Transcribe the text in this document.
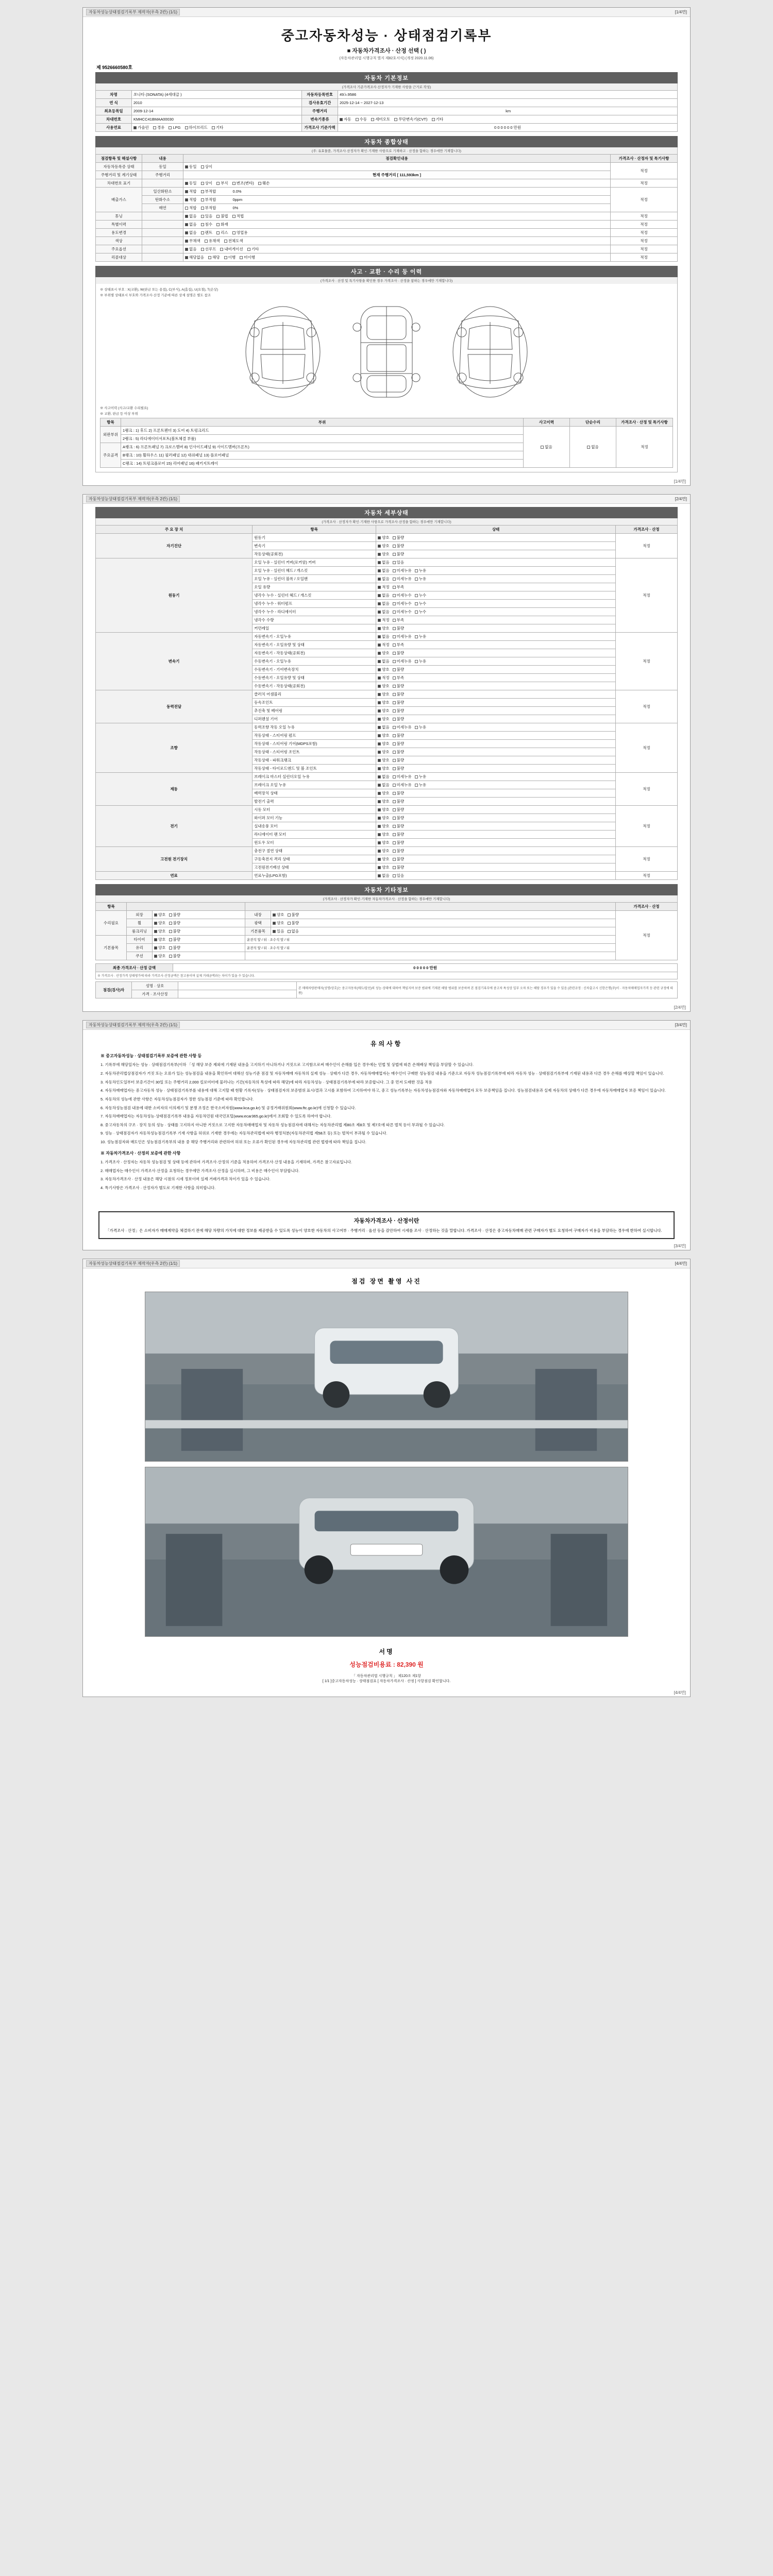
자동차성능상태점검기록부 제작자(우측 2칸) (1/1)	[1/4면]
중고자동차성능 · 상태점검기록부
■ 자동차가격조사 · 산정 선택 ( )
(자동차관리법 시행규칙 별지 제82호서식) (개정 2020.11.06)
제 9526660580호
자동차 기본정보
(가격조사 기준가격조사·산정자가 기재한 사항을 근거로 작성)
차명	쏘나타 (SONATA) (4세대급 )	자동차등록번호	49노9586
연 식	2010	검사유효기간	2025-12-14 ~ 2027-12-13
최초등록일	2009-12-14	주행거리	km
차대번호	KMHCC41BMAA00030	변속기종류	자동 수동 세미오토 무단변속기(CVT) 기타
사용연료	가솔린 경유 LPG 하이브리드 기타	가격조사 기준가액	0 0 0 0 0 0 만원
자동차 종합상태
(주: 유효물품, 가격조사·산정자가 확인·기재한 사항으로 기재하고 · 산정을 함하는 경우에만 기재합니다)
점검항목 및 해설사항	내용	점검확인내용	가격조사 · 산정자 및 특기사항
자동차등록증 상태	동일	동일 상이	적정
주행거리 및 계기상태	주행거리	현재 주행거리 [ 111,593km ]	
차대번호 표기		동일 상이 부식 변조(변타) 훼손	적정
배출가스	일산화탄소	적합 부적합 0.0%	적정
	탄화수소	적합 부적합 0ppm	
	매연	적합 부적합 0%	
튜닝		없음 있음 불법 적법	적정
특별이력		없음 침수 화재	적정
용도변경		없음 렌트 리스 영업용	적정
색상		무채색 유채색 전체도색	적정
주요옵션		없음 선루프 내비게이션 기타	적정
리콜대상		해당없음 해당 이행 미이행	적정
사고 · 교환 · 수리 등 이력
(가격조사 · 산정 및 특기사항을 확인한 경우 가격조사 · 산정을 참하는 경우에만 기재합니다)
※ 상태표시 부호 : X(교환), W(판금 또는 용접), C(부식), A(흠집), U(요철), T(손상)
※ 부위별 상태표시 부호와 가격조사·산정 기준에 따른 상세 설명은 별도 참조
※ 사고이력 (사고/교환 수리필요)
※ 교환, 판금 등 이상 부위
항목	부위	사고이력	단순수리	가격조사 · 산정 및 특기사항
외판부위	1랭크 : 1) 후드 2) 프론트펜더 3) 도어 4) 트렁크리드	없음	없음	적정
	2랭크 : 5) 라디에이터서포트(볼트체결 부품)			
주요골격	A랭크 : 6) 프론트패널 7) 크로스멤버 8) 인사이드패널 9) 사이드멤버(프론트)			
	B랭크 : 10) 휠하우스 11) 필러패널 12) 대쉬패널 13) 플로어패널			
	C랭크 : 14) 트렁크플로어 15) 리어패널 16) 패키지트레이			
[1/4면]
자동차성능상태점검기록부 제작자(우측 2칸) (1/1)	[2/4면]
자동차 세부상태
(가격조사 · 산정자가 확인·기재한 사항으로 가격조사·산정을 함하는 경우에만 기재합니다)
주 요 장 치	항목	상태	가격조사 · 산정
자기진단	원동기	양호 불량	적정
	변속기	양호 불량	
	작동상태(공회전)	양호 불량	
원동기	오일 누유 - 실린더 커버(로커암) 커버	없음 있음	적정
	오일 누유 - 실린더 헤드 / 개스킷	없음 미세누유 누유	
	오일 누유 - 실린더 블록 / 오일팬	없음 미세누유 누유	
	오일 유량	적정 부족	
	냉각수 누수 - 실린더 헤드 / 개스킷	없음 미세누수 누수	
	냉각수 누수 - 워터펌프	없음 미세누수 누수	
	냉각수 누수 - 라디에이터	없음 미세누수 누수	
	냉각수 수량	적정 부족	
	커먼레일	양호 불량	
변속기	자동변속기 - 오일누유	없음 미세누유 누유	적정
	자동변속기 - 오일유량 및 상태	적정 부족	
	자동변속기 - 작동상태(공회전)	양호 불량	
	수동변속기 - 오일누유	없음 미세누유 누유	
	수동변속기 - 기어변속장치	양호 불량	
	수동변속기 - 오일유량 및 상태	적정 부족	
	수동변속기 - 작동상태(공회전)	양호 불량	
동력전달	클러치 어셈블리	양호 불량	적정
	등속조인트	양호 불량	
	추진축 및 베어링	양호 불량	
	디퍼렌셜 기어	양호 불량	
조향	동력조향 작동 오일 누유	없음 미세누유 누유	적정
	작동상태 - 스티어링 펌프	양호 불량	
	작동상태 - 스티어링 기어(MDPS포함)	양호 불량	
	작동상태 - 스티어링 조인트	양호 불량	
	작동상태 - 파워크랭크	양호 불량	
	작동상태 - 타이로드엔드 및 볼 조인트	양호 불량	
제동	브레이크 마스터 실린더오일 누유	없음 미세누유 누유	적정
	브레이크 오일 누유	없음 미세누유 누유	
	배력장치 상태	양호 불량	
	발전기 출력	양호 불량	
전기	시동 모터	양호 불량	적정
	와이퍼 모터 기능	양호 불량	
	실내송풍 모터	양호 불량	
	라디에이터 팬 모터	양호 불량	
	윈도우 모터	양호 불량	
고전원 전기장치	충전구 절연 상태	양호 불량	적정
	구동축전지 격리 상태	양호 불량	
	고전원전기배선 상태	양호 불량	
연료	연료누출(LPG포함)	없음 있음	적정
자동차 기타정보
(가격조사 · 산정자가 확인·기재한 자동차가격조사 · 산정을 함하는 경우에만 기재합니다)
항목					가격조사 · 산정
수리필요	외장	양호 불량	내장	양호 불량	적정
	휠	양호 불량	광택	양호 불량	
	룸크리닝	양호 불량	기본품목	있음 없음	
기본품목	타이어	양호 불량	운전석 앞 / 뒤 · 조수석 앞 / 뒤		
	유리	양호 불량	운전석 앞 / 뒤 · 조수석 앞 / 뒤		
	쿠션	양호 불량			
최종 가격조사 · 산정 금액	0 0 0 0 0 만원
※ 가격조사 · 산정가격 상태평가에 따라 가격조사·산정금액은 참고용이며 실제 거래금액과는 차이가 있을 수 있습니다.
점검(검사)자	성명 · 상호		본 매매차량판매자(성명/상호)는 중고자동차(매도/알선)의 성능·상태에 대하여 책임지며 보증 범위에 기재된 해당 범위를 보증하며 본 점검기록부에 중고차 특성상 일부 오차 또는 해당 경우가 있을 수 있음 (관련규정 : 신차출고시 신한은행(주)이 · 자동차매매업자가격 등 관련 규정에 따름)
	가격 · 조사산정		
[2/4면]
자동차성능상태점검기록부 제작자(우측 2칸) (1/1)	[3/4면]
유의사항
※ 중고자동차성능 · 상태점검기록부 보증에 관한 사항 등

1. 기록부에 해당일자는 성능 · 상태점검기록부(이하 「성 해당 보증 제외에 기재된 내용을 고지하기 아니하거나 거짓으로 고지함으로써 매수인이 손해를 입은 경우에는 민법 및 상법에 따른 손해배상 책임을 부담할 수 있습니다.

2. 자동차관리법상점검자가 거짓 또는 오류가 있는 성능점검을 내용을 확인하여 대해선 성능기준 점검 및 자동차매매 자동차의 실제 성능 · 상태가 다른 경우, 자동차매매업자는 매수인이 구매한 성능점검 내용을 기준으로 자동차 성능점검기록부에 따라 자동차 성능 · 상태점검기록부에 기재된 내용과 다른 경우 손해를 배상할 책임이 있습니다.

3. 자동차인도일부터 보증기간이 30일 또는 주행거리 2,000 킬로미터에 물러나는 기간(자동차의 특성에 따라 해당)에 따라 자동차성능 · 상태점검기록부에 따라 보증합니다. 그 중 먼저 도래한 것을 적용

4. 자동차매매업자는 중고자동차 성능 · 상태점검기록부를 내용에 대해 고지할 때 현황 기록자(성능 · 상태점검자의 보증범위 표시/결과 고시를 포함하여 고지하여야 하고, 중고 성능기록부는 자동차성능점검자와 자동차매매업자 모두 보증책임을 집니다. 성능점검내용과 실제 자동차의 상태가 다른 경우에 자동차매매업자 보증 책임이 있습니다.

5. 자동차의 성능에 관한 사항은 자동차성능점검자가 정한 성능점검 기준에 따라 확인합니다.

6. 자동차성능점검 내용에 대한 소비자의 이의제기 및 분쟁 조정은 한국소비자원(www.kca.go.kr) 및 공정거래위원회(www.ftc.go.kr)에 신청할 수 있습니다.

7. 자동차매매업자는 자동차성능·상태점검기록부 내용을 자동차민원 대국민포털(www.ecar365.go.kr)에서 조회할 수 있도록 하여야 합니다.

8. 중고자동차의 구조 · 장치 등의 성능 · 상태를 고지하지 아니한 거짓으로 고지한 자동차매매업자 및 자동차 성능점검자에 대해서는 자동차관리법 제80조 제8호 및 제7호에 따른 벌칙 등이 부과될 수 있습니다.

9. 성능 · 상태점검자가 자동차성능점검기록부 기재 사항을 허위로 기재한 경우에는 자동차관리법에 따라 행정처분(자동차관리법 제58조 등) 또는 벌칙이 부과될 수 있습니다.

10. 성능점검자와 매도인은 성능점검기록부의 내용 중 해당 주행거리와 관련하여 허위 또는 오류가 확인된 경우에 자동차관리법 관련 법령에 따라 책임을 집니다.

※ 자동차가격조사 · 산정의 보증에 관한 사항

1. 가격조사 · 산정자는 자동차 성능점검 및 상태 등에 관하여 가격조사·산정의 기준을 적용하여 가격조사·산정 내용을 기재하며, 가격은 참고자료입니다.

2. 매매업자는 매수인이 가격조사·산정을 요청하는 경우에만 가격조사·산정을 실시하며, 그 비용은 매수인이 부담합니다.

3. 자동차가격조사 · 산정 내용은 해당 시점의 시세 정보이며 실제 거래가격과 차이가 있을 수 있습니다.

4. 특기사항은 가격조사 · 산정자가 별도로 기재한 사항을 의미합니다.

자동차가격조사 · 산정이란
「가격조사 · 산정」은 소비자가 매매계약을 체결하기 전에 해당 차량의 가치에 대한 정보를 제공받을 수 있도록 성능이 양호한 자동차의 사고여부 · 주행거리 · 옵션 등을 감안하여 시세를 조사 · 산정하는 것을 말합니다. 가격조사 · 산정은 중고자동차매매 관련 구매자가 별도 요청하여 구매자가 비용을 부담하는 경우에 한하여 실시합니다.
[3/4면]
자동차성능상태점검기록부 제작자(우측 2칸) (1/1)	[4/4면]
점검 장면 촬영 사진
서명
성능점검비용료 : 82,390 원
「 자동차관리법 시행규칙 」 제120조 제1항
[ 1/1 ]중고자동차성능 · 상태점검표 [ 자동차가격조사 · 산정 ] 사항점검 확인합니다.
[4/4면]
